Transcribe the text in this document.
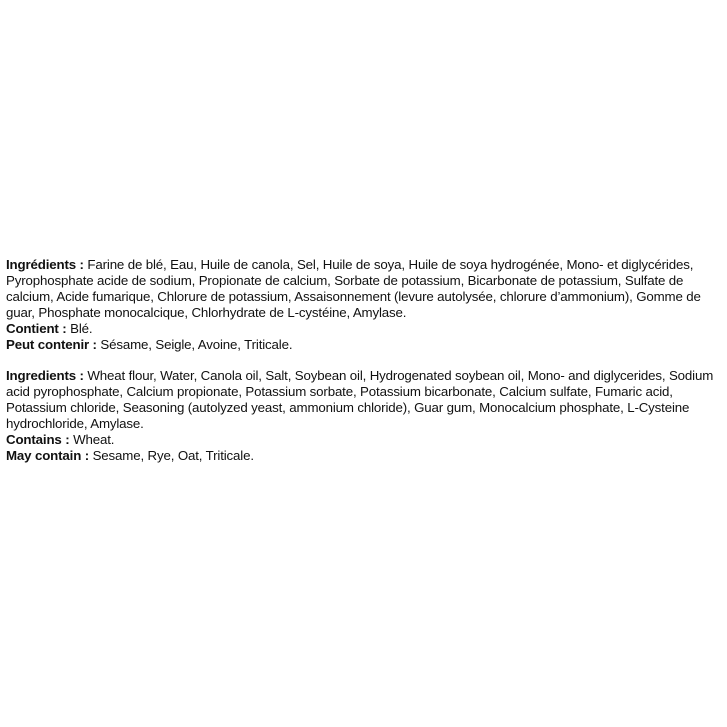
Ingrédients : Farine de blé, Eau, Huile de canola, Sel, Huile de soya, Huile de soya hydrogénée, Mono- et diglycérides, Pyrophosphate acide de sodium, Propionate de calcium, Sorbate de potassium, Bicarbonate de potassium, Sulfate de calcium, Acide fumarique, Chlorure de potassium, Assaisonnement (levure autolysée, chlorure d’ammonium), Gomme de guar, Phosphate monocalcique, Chlorhydrate de L-cystéine, Amylase.

Contient : Blé.

Peut contenir : Sésame, Seigle, Avoine, Triticale.

Ingredients : Wheat flour, Water, Canola oil, Salt, Soybean oil, Hydrogenated soybean oil, Mono- and diglycerides, Sodium acid pyrophosphate, Calcium propionate, Potassium sorbate, Potassium bicarbonate, Calcium sulfate, Fumaric acid, Potassium chloride, Seasoning (autolyzed yeast, ammonium chloride), Guar gum, Monocalcium phosphate, L-Cysteine hydrochloride, Amylase.

Contains : Wheat.

May contain : Sesame, Rye, Oat, Triticale.
